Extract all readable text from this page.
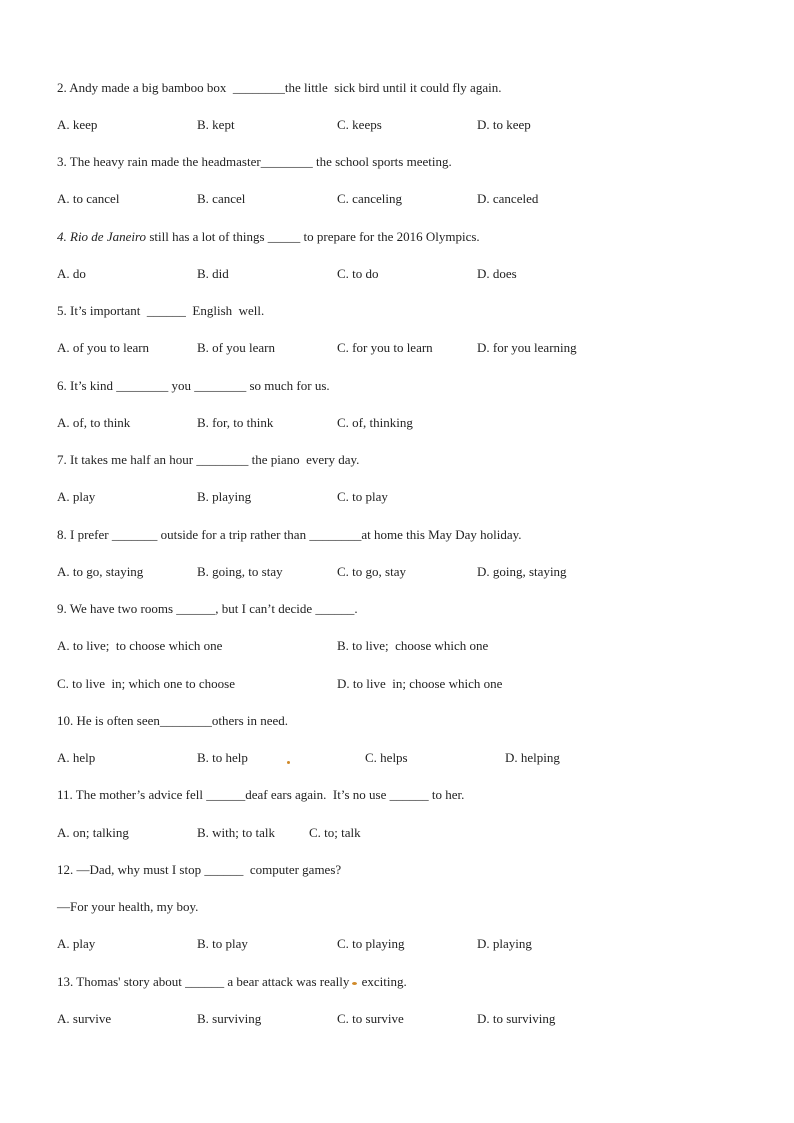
2. Andy made a big bamboo box  ________the little  sick bird until it could fly again.
A. keep	B. kept	C. keeps	D. to keep
3. The heavy rain made the headmaster________ the school sports meeting.
A. to cancel	B. cancel	C. canceling	D. canceled
4. Rio de Janeiro still has a lot of things _____ to prepare for the 2016 Olympics.
A. do	B. did	C. to do	D. does
5. It’s important  ______  English  well.
A. of you to learn	B. of you learn	C. for you to learn	D. for you learning
6. It’s kind ________ you ________ so much for us.
A. of, to think	B. for, to think	C. of, thinking
7. It takes me half an hour ________ the piano  every day.
A. play	B. playing	C. to play
8. I prefer _______ outside for a trip rather than ________at home this May Day holiday.
A. to go, staying	B. going, to stay	C. to go, stay	D. going, staying
9. We have two rooms ______, but I can’t decide ______.
A. to live;  to choose which one	B. to live;  choose which one
C. to live  in; which one to choose	D. to live  in; choose which one
10. He is often seen________others in need.
A. help	B. to help	C. helps	D. helping
11. The mother’s advice fell ______deaf ears again.  It’s no use ______ to her.
A. on; talking	B. with; to talk	C. to; talk
12. —Dad, why must I stop ______  computer games?
—For your health, my boy.
A. play	B. to play	C. to playing	D. playing
13. Thomas' story about ______ a bear attack was really exciting.
A. survive	B. surviving	C. to survive	D. to surviving
